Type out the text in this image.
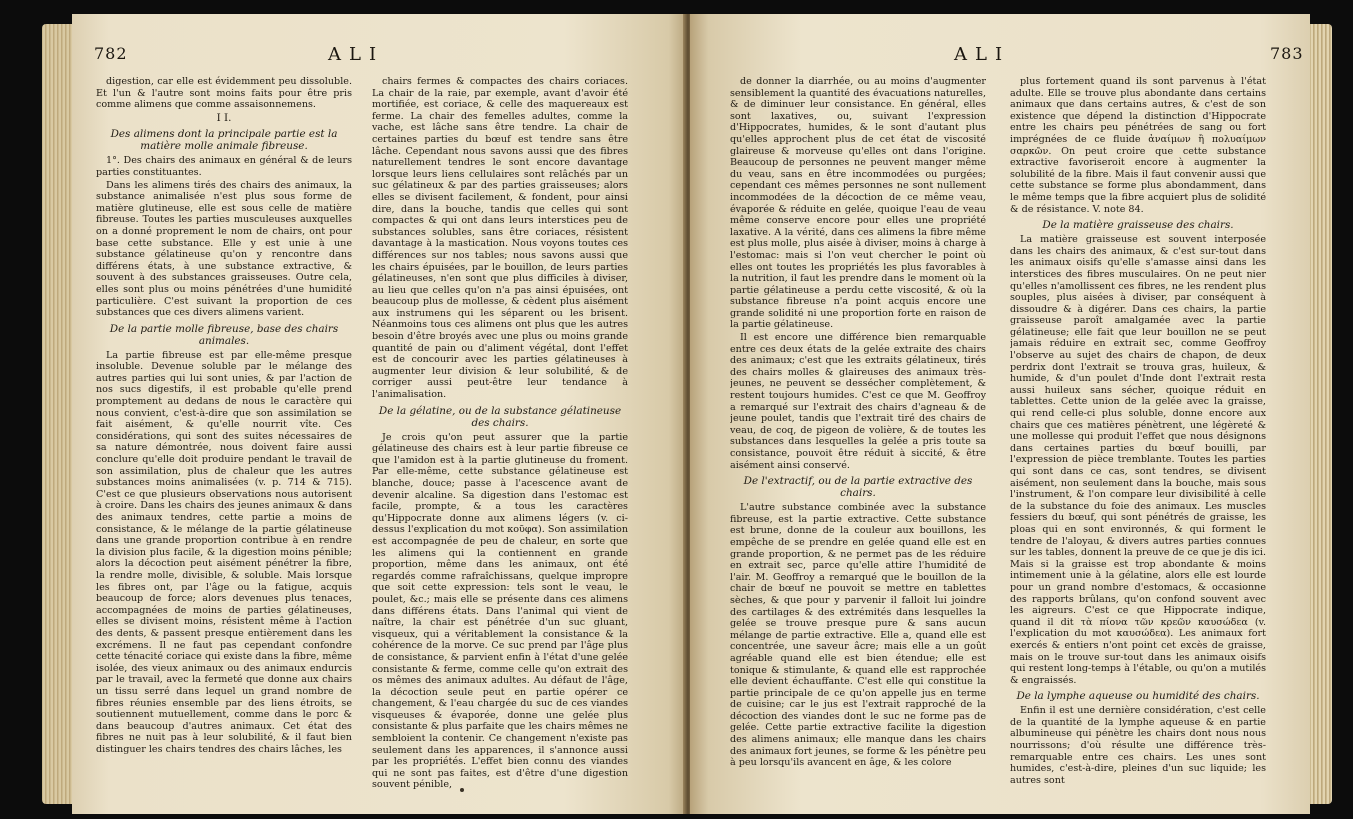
782	ALI

digestion, car elle est évidemment peu dissoluble. Et l'un & l'autre sont moins faits pour être pris comme alimens que comme assaisonnemens.

I I.
Des alimens dont la principale partie est la matière molle animale fibreuse.

1°. Des chairs des animaux en général & de leurs parties constituantes.

Dans les alimens tirés des chairs des animaux, la substance animalisée n'est plus sous forme de matière glutineuse, elle est sous celle de matière fibreuse. Toutes les parties musculeuses auxquelles on a donné proprement le nom de chairs, ont pour base cette substance. Elle y est unie à une substance gélatineuse qu'on y rencontre dans différens états, à une substance extractive, & souvent à des substances graisseuses. Outre cela, elles sont plus ou moins pénétrées d'une humidité particulière. C'est suivant la proportion de ces substances que ces divers alimens varient.

De la partie molle fibreuse, base des chairs animales.

La partie fibreuse est par elle-même presque insoluble. Devenue soluble par le mélange des autres parties qui lui sont unies, & par l'action de nos sucs digestifs, il est probable qu'elle prend promptement au dedans de nous le caractère qui nous convient, c'est-à-dire que son assimilation se fait aisément, & qu'elle nourrit vîte. Ces considérations, qui sont des suites nécessaires de sa nature démontrée, nous doivent faire aussi conclure qu'elle doit produire pendant le travail de son assimilation, plus de chaleur que les autres substances moins animalisées (v. p. 714 & 715). C'est ce que plusieurs observations nous autorisent à croire. Dans les chairs des jeunes animaux & dans des animaux tendres, cette partie a moins de consistance, & le mélange de la partie gélatineuse dans une grande proportion contribue à en rendre la division plus facile, & la digestion moins pénible; alors la décoction peut aisément pénétrer la fibre, la rendre molle, divisible, & soluble. Mais lorsque les fibres ont, par l'âge ou la fatigue, acquis beaucoup de force; alors devenues plus tenaces, accompagnées de moins de parties gélatineuses, elles se divisent moins, résistent même à l'action des dents, & passent presque entièrement dans les excrémens. Il ne faut pas cependant confondre cette ténacité coriace qui existe dans la fibre, même isolée, des vieux animaux ou des animaux endurcis par le travail, avec la fermeté que donne aux chairs un tissu serré dans lequel un grand nombre de fibres réunies ensemble par des liens étroits, se soutiennent mutuellement, comme dans le porc & dans beaucoup d'autres animaux. Cet état des fibres ne nuit pas à leur solubilité, & il faut bien distinguer les chairs tendres des chairs lâches, les

chairs fermes & compactes des chairs coriaces. La chair de la raie, par exemple, avant d'avoir été mortifiée, est coriace, & celle des maquereaux est ferme. La chair des femelles adultes, comme la vache, est lâche sans être tendre. La chair de certaines parties du bœuf est tendre sans être lâche. Cependant nous savons aussi que des fibres naturellement tendres le sont encore davantage lorsque leurs liens cellulaires sont relâchés par un suc gélatineux & par des parties graisseuses; alors elles se divisent facilement, & fondent, pour ainsi dire, dans la bouche, tandis que celles qui sont compactes & qui ont dans leurs interstices peu de substances solubles, sans être coriaces, résistent davantage à la mastication. Nous voyons toutes ces différences sur nos tables; nous savons aussi que les chairs épuisées, par le bouillon, de leurs parties gélatineuses, n'en sont que plus difficiles à diviser, au lieu que celles qu'on n'a pas ainsi épuisées, ont beaucoup plus de mollesse, & cèdent plus aisément aux instrumens qui les séparent ou les brisent. Néanmoins tous ces alimens ont plus que les autres besoin d'être broyés avec une plus ou moins grande quantité de pain ou d'aliment végétal, dont l'effet est de concourir avec les parties gélatineuses à augmenter leur division & leur solubilité, & de corriger aussi peut-être leur tendance à l'animalisation.

De la gélatine, ou de la substance gélatineuse des chairs.

Je crois qu'on peut assurer que la partie gélatineuse des chairs est à leur partie fibreuse ce que l'amidon est à la partie glutineuse du froment. Par elle-même, cette substance gélatineuse est blanche, douce; passe à l'acescence avant de devenir alcaline. Sa digestion dans l'estomac est facile, prompte, & a tous les caractères qu'Hippocrate donne aux alimens légers (v. ci-dessus l'explication du mot κοῦφα). Son assimilation est accompagnée de peu de chaleur, en sorte que les alimens qui la contiennent en grande proportion, même dans les animaux, ont été regardés comme rafraîchissans, quelque impropre que soit cette expression: tels sont le veau, le poulet, &c.; mais elle se présente dans ces alimens dans différens états. Dans l'animal qui vient de naître, la chair est pénétrée d'un suc gluant, visqueux, qui a véritablement la consistance & la cohérence de la morve. Ce suc prend par l'âge plus de consistance, & parvient enfin à l'état d'une gelée consistante & ferme, comme celle qu'on extrait des os mêmes des animaux adultes. Au défaut de l'âge, la décoction seule peut en partie opérer ce changement, & l'eau chargée du suc de ces viandes visqueuses & évaporée, donne une gelée plus consistante & plus parfaite que les chairs mêmes ne sembloient la contenir. Ce changement n'existe pas seulement dans les apparences, il s'annonce aussi par les propriétés. L'effet bien connu des viandes qui ne sont pas faites, est d'être d'une digestion souvent pénible,

ALI	783

de donner la diarrhée, ou au moins d'augmenter sensiblement la quantité des évacuations naturelles, & de diminuer leur consistance. En général, elles sont laxatives, ou, suivant l'expression d'Hippocrates, humides, & le sont d'autant plus qu'elles approchent plus de cet état de viscosité glaireuse & morveuse qu'elles ont dans l'origine. Beaucoup de personnes ne peuvent manger même du veau, sans en être incommodées ou purgées; cependant ces mêmes personnes ne sont nullement incommodées de la décoction de ce même veau, évaporée & réduite en gelée, quoique l'eau de veau même conserve encore pour elles une propriété laxative. A la vérité, dans ces alimens la fibre même est plus molle, plus aisée à diviser, moins à charge à l'estomac: mais si l'on veut chercher le point où elles ont toutes les propriétés les plus favorables à la nutrition, il faut les prendre dans le moment où la partie gélatineuse a perdu cette viscosité, & où la substance fibreuse n'a point acquis encore une grande solidité ni une proportion forte en raison de la partie gélatineuse.

Il est encore une différence bien remarquable entre ces deux états de la gelée extraite des chairs des animaux; c'est que les extraits gélatineux, tirés des chairs molles & glaireuses des animaux très-jeunes, ne peuvent se dessécher complètement, & restent toujours humides. C'est ce que M. Geoffroy a remarqué sur l'extrait des chairs d'agneau & de jeune poulet, tandis que l'extrait tiré des chairs de veau, de coq, de pigeon de volière, & de toutes les substances dans lesquelles la gelée a pris toute sa consistance, pouvoit être réduit à siccité, & être aisément ainsi conservé.

De l'extractif, ou de la partie extractive des chairs.

L'autre substance combinée avec la substance fibreuse, est la partie extractive. Cette substance est brune, donne de la couleur aux bouillons, les empêche de se prendre en gelée quand elle est en grande proportion, & ne permet pas de les réduire en extrait sec, parce qu'elle attire l'humidité de l'air. M. Geoffroy a remarqué que le bouillon de la chair de bœuf ne pouvoit se mettre en tablettes sèches, & que pour y parvenir il falloit lui joindre des cartilages & des extrémités dans lesquelles la gelée se trouve presque pure & sans aucun mélange de partie extractive. Elle a, quand elle est concentrée, une saveur âcre; mais elle a un goût agréable quand elle est bien étendue; elle est tonique & stimulante, & quand elle est rapprochée elle devient échauffante. C'est elle qui constitue la partie principale de ce qu'on appelle jus en terme de cuisine; car le jus est l'extrait rapproché de la décoction des viandes dont le suc ne forme pas de gelée. Cette partie extractive facilite la digestion des alimens animaux; elle manque dans les chairs des animaux fort jeunes, se forme & les pénètre peu à peu lorsqu'ils avancent en âge, & les colore

plus fortement quand ils sont parvenus à l'état adulte. Elle se trouve plus abondante dans certains animaux que dans certains autres, & c'est de son existence que dépend la distinction d'Hippocrate entre les chairs peu pénétrées de sang ou fort imprégnées de ce fluide ἀναίμων ἢ πολυαίμων σαρκῶν. On peut croire que cette substance extractive favoriseroit encore à augmenter la solubilité de la fibre. Mais il faut convenir aussi que cette substance se forme plus abondamment, dans le même temps que la fibre acquiert plus de solidité & de résistance. V. note 84.

De la matière graisseuse des chairs.

La matière graisseuse est souvent interposée dans les chairs des animaux, & c'est sur-tout dans les animaux oisifs qu'elle s'amasse ainsi dans les interstices des fibres musculaires. On ne peut nier qu'elles n'amollissent ces fibres, ne les rendent plus souples, plus aisées à diviser, par conséquent à dissoudre & à digérer. Dans ces chairs, la partie graisseuse paroît amalgamée avec la partie gélatineuse; elle fait que leur bouillon ne se peut jamais réduire en extrait sec, comme Geoffroy l'observe au sujet des chairs de chapon, de deux perdrix dont l'extrait se trouva gras, huileux, & humide, & d'un poulet d'Inde dont l'extrait resta aussi huileux sans sécher, quoique réduit en tablettes. Cette union de la gelée avec la graisse, qui rend celle-ci plus soluble, donne encore aux chairs que ces matières pénètrent, une légèreté & une mollesse qui produit l'effet que nous désignons dans certaines parties du bœuf bouilli, par l'expression de pièce tremblante. Toutes les parties qui sont dans ce cas, sont tendres, se divisent aisément, non seulement dans la bouche, mais sous l'instrument, & l'on compare leur divisibilité à celle de la substance du foie des animaux. Les muscles fessiers du bœuf, qui sont pénétrés de graisse, les ploas qui en sont environnés, & qui forment le tendre de l'aloyau, & divers autres parties connues sur les tables, donnent la preuve de ce que je dis ici. Mais si la graisse est trop abondante & moins intimement unie à la gélatine, alors elle est lourde pour un grand nombre d'estomacs, & occasionne des rapports brûlans, qu'on confond souvent avec les aigreurs. C'est ce que Hippocrate indique, quand il dit τὰ πίονα τῶν κρεῶν καυσώδεα (v. l'explication du mot καυσώδεα). Les animaux fort exercés & entiers n'ont point cet excès de graisse, mais on le trouve sur-tout dans les animaux oisifs qui restent long-temps à l'étable, ou qu'on a mutilés & engraissés.

De la lymphe aqueuse ou humidité des chairs.

Enfin il est une dernière considération, c'est celle de la quantité de la lymphe aqueuse & en partie albumineuse qui pénètre les chairs dont nous nous nourrissons; d'où résulte une différence très-remarquable entre ces chairs. Les unes sont humides, c'est-à-dire, pleines d'un suc liquide; les autres sont
